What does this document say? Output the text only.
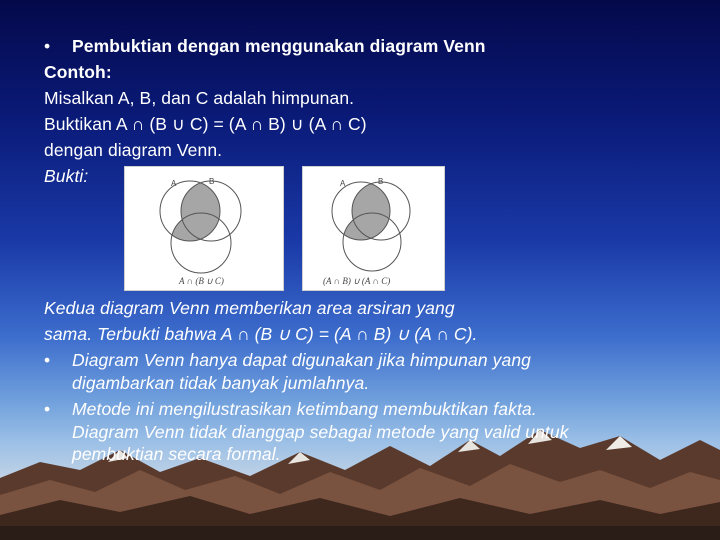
• Pembuktian dengan menggunakan diagram Venn
Contoh:
Misalkan A, B, dan C adalah himpunan.
Buktikan A ∩ (B ∪ C) = (A ∩ B) ∪ (A ∩ C)
dengan diagram Venn.
Bukti:	A	B
A ∩ (B ∪ C)
A	B
(A ∩ B) ∪ (A ∩ C)
Kedua diagram Venn memberikan area arsiran yang
sama. Terbukti bahwa A ∩ (B ∪ C) = (A ∩ B) ∪ (A ∩ C).
• Diagram Venn hanya dapat digunakan jika himpunan yang
digambarkan tidak banyak jumlahnya.
• Metode ini mengilustrasikan ketimbang membuktikan fakta.
Diagram Venn tidak dianggap sebagai metode yang valid untuk
pembuktian secara formal.
